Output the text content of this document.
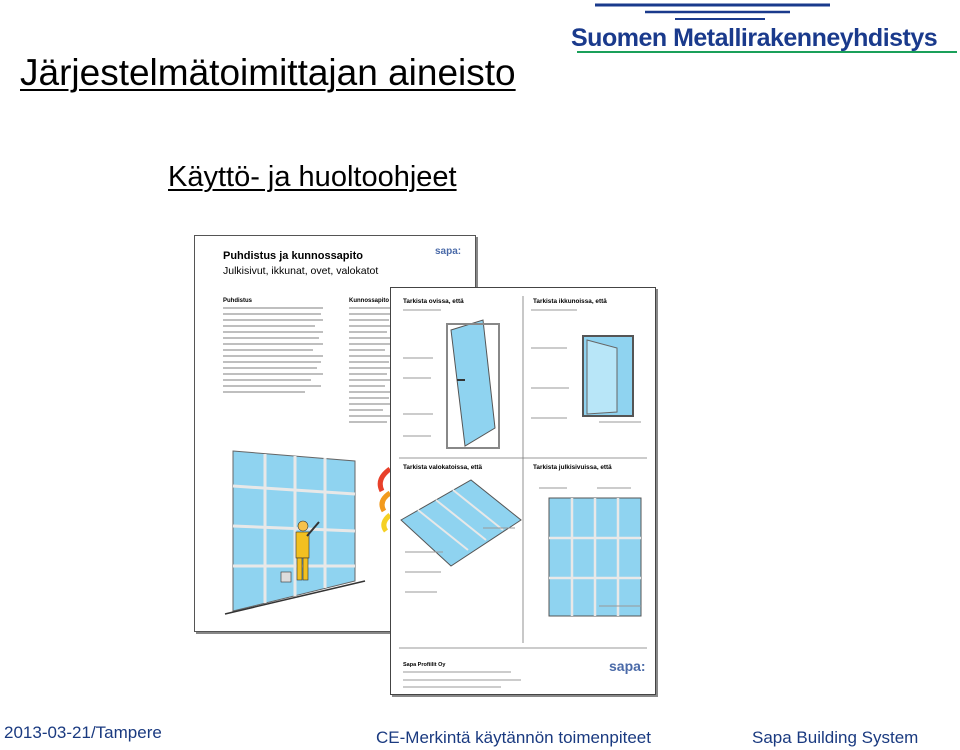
Järjestelmätoimittajan aineisto
Suomen Metallirakenneyhdistys
Käyttö- ja huoltoohjeet
Puhdistus ja kunnossapito
Julkisivut, ikkunat, ovet, valokatot
sapa:
Puhdistus	Kunnossapito Tarkista ovissa, että	Tarkista ikkunoissa, että
Tarkista valokatoissa, että	Tarkista julkisivuissa, että
Sapa Profiilit Oy	sapa:
2013-03-21/Tampere	CE-Merkintä käytännön toimenpiteet	Sapa Building System
